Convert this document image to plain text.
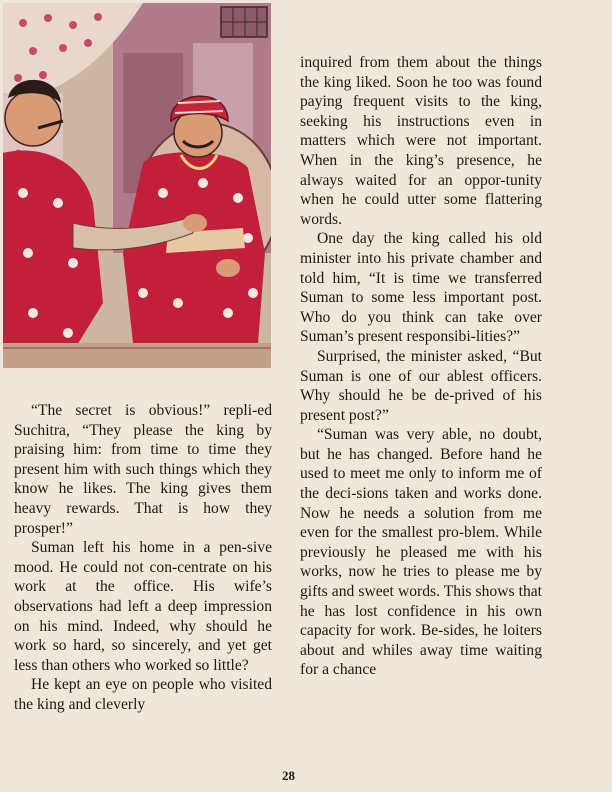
“The secret is obvious!” repli-ed Suchitra, “They please the king by praising him: from time to time they present him with such things which they know he likes. The king gives them heavy rewards. That is how they prosper!”

Suman left his home in a pen-sive mood. He could not con-centrate on his work at the office. His wife’s observations had left a deep impression on his mind. Indeed, why should he work so hard, so sincerely, and yet get less than others who worked so little?

He kept an eye on people who visited the king and cleverly

inquired from them about the things the king liked. Soon he too was found paying frequent visits to the king, seeking his instructions even in matters which were not important. When in the king’s presence, he always waited for an oppor-tunity when he could utter some flattering words.

One day the king called his old minister into his private chamber and told him, “It is time we transferred Suman to some less important post. Who do you think can take over Suman’s present responsibi-lities?”

Surprised, the minister asked, “But Suman is one of our ablest officers. Why should he be de-prived of his present post?”

“Suman was very able, no doubt, but he has changed. Before hand he used to meet me only to inform me of the deci-sions taken and works done. Now he needs a solution from me even for the smallest pro-blem. While previously he pleased me with his works, now he tries to please me by gifts and sweet words. This shows that he has lost confidence in his own capacity for work. Be-sides, he loiters about and whiles away time waiting for a chance

28
